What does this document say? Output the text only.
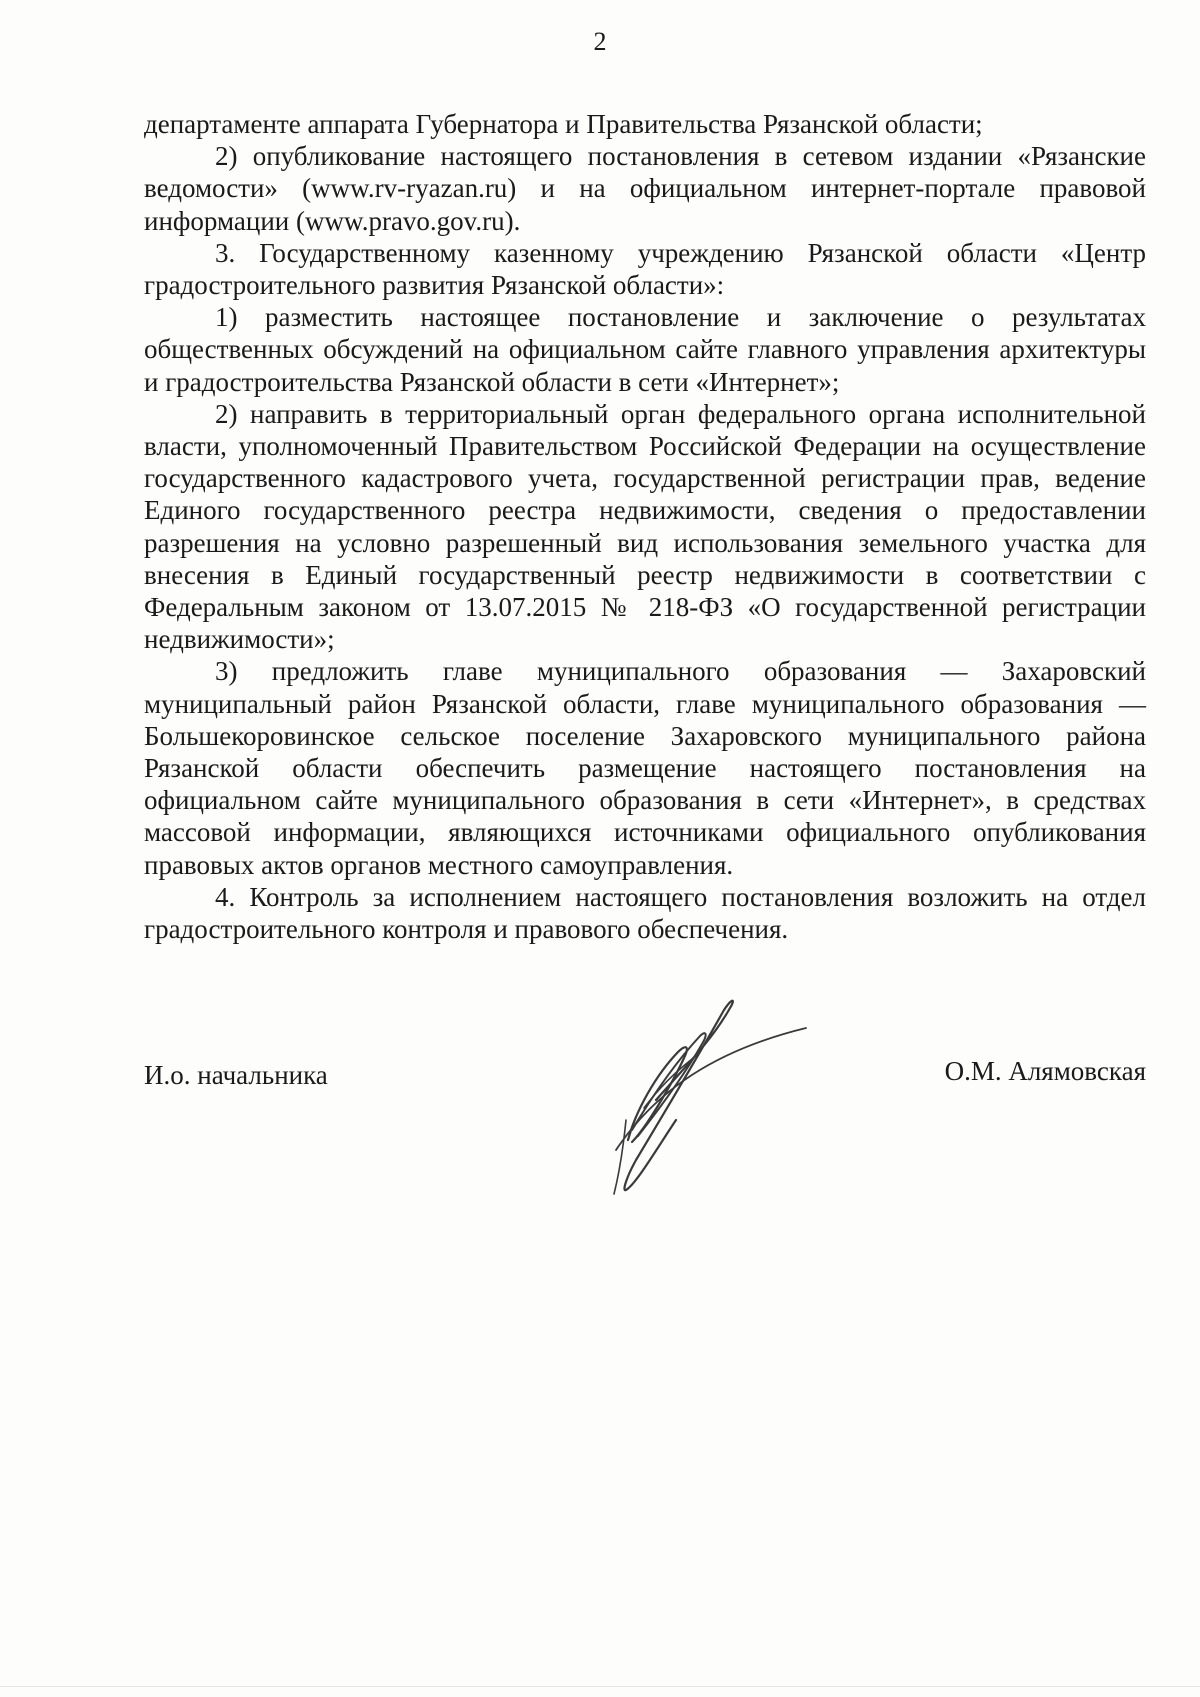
2

департаменте аппарата Губернатора и Правительства Рязанской области;

2) опубликование настоящего постановления в сетевом издании «Рязанские ведомости» (www.rv-ryazan.ru) и на официальном интернет-портале правовой информации (www.pravo.gov.ru).

3. Государственному казенному учреждению Рязанской области «Центр градостроительного развития Рязанской области»:

1) разместить настоящее постановление и заключение о результатах общественных обсуждений на официальном сайте главного управления архитектуры и градостроительства Рязанской области в сети «Интернет»;

2) направить в территориальный орган федерального органа исполнительной власти, уполномоченный Правительством Российской Федерации на осуществление государственного кадастрового учета, государственной регистрации прав, ведение Единого государственного реестра недвижимости, сведения о предоставлении разрешения на условно разрешенный вид использования земельного участка для внесения в Единый государственный реестр недвижимости в соответствии с Федеральным законом от 13.07.2015 № 218-ФЗ «О государственной регистрации недвижимости»;

3) предложить главе муниципального образования — Захаровский муниципальный район Рязанской области, главе муниципального образования — Большекоровинское сельское поселение Захаровского муниципального района Рязанской области обеспечить размещение настоящего постановления на официальном сайте муниципального образования в сети «Интернет», в средствах массовой информации, являющихся источниками официального опубликования правовых актов органов местного самоуправления.

4. Контроль за исполнением настоящего постановления возложить на отдел градостроительного контроля и правового обеспечения.

И.о. начальника	О.М. Алямовская
